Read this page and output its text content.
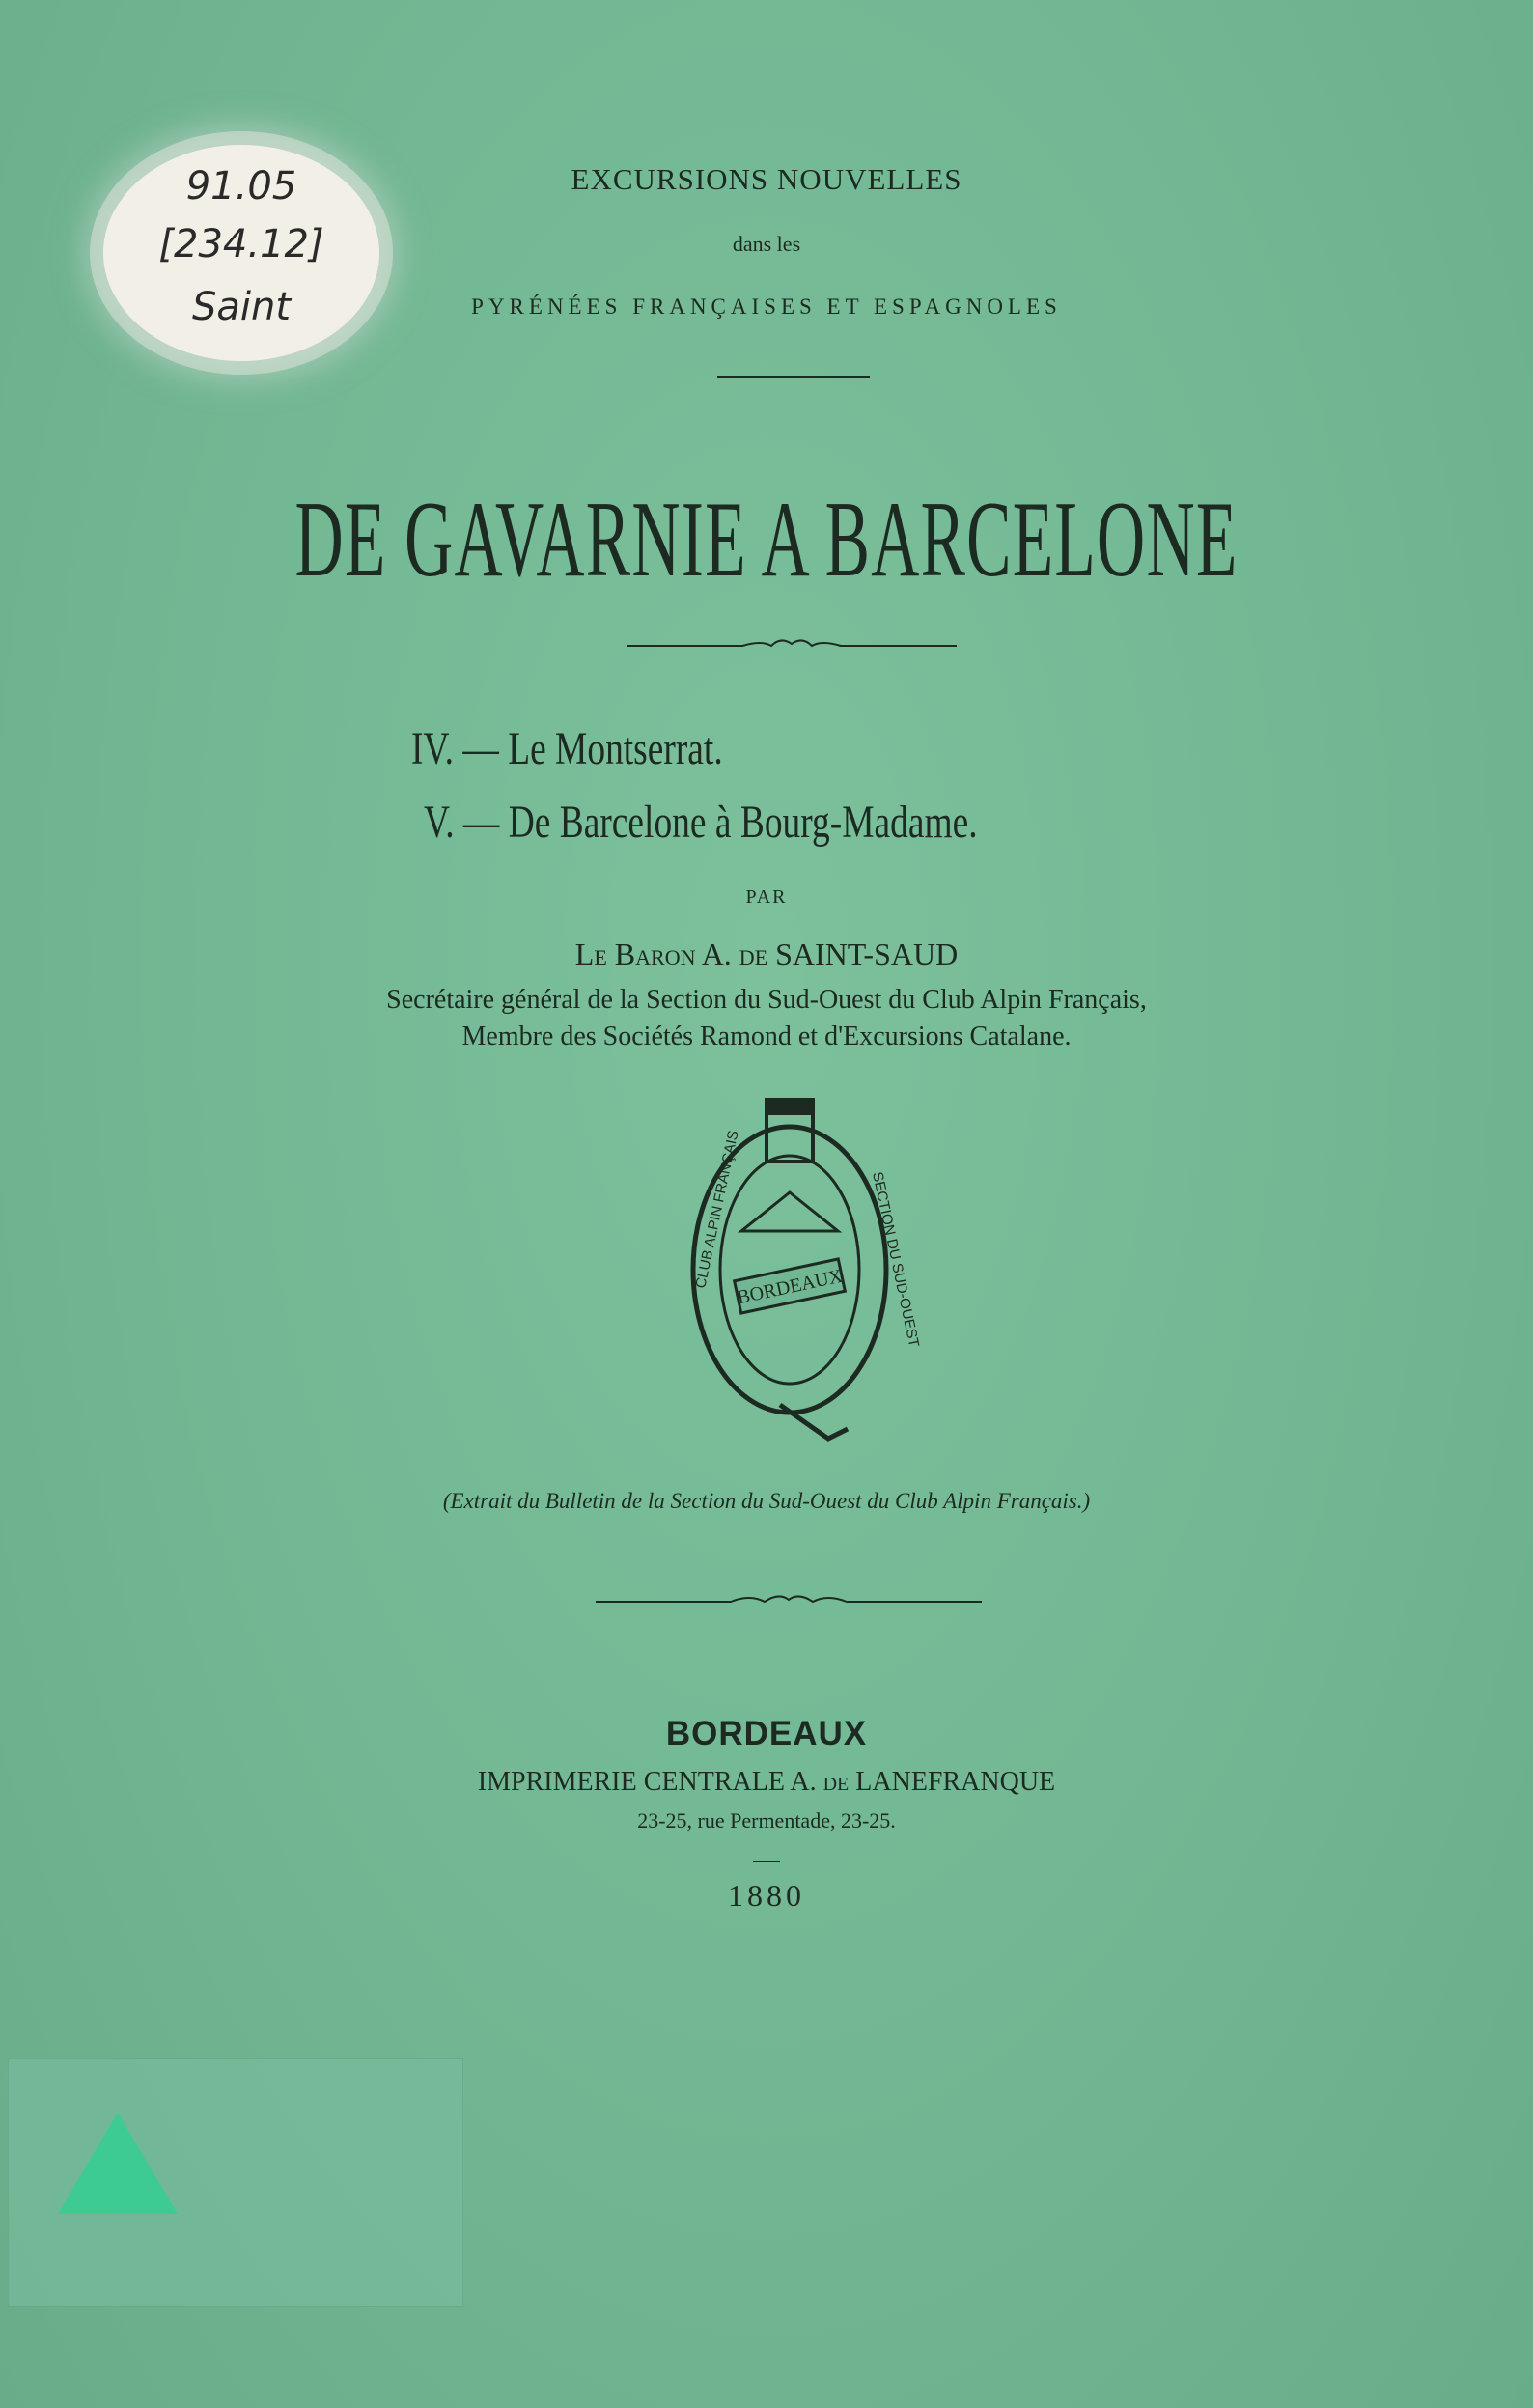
91.05
[234.12]
Saint
EXCURSIONS NOUVELLES
dans les
PYRÉNÉES FRANÇAISES ET ESPAGNOLES
DE GAVARNIE A BARCELONE
IV. — Le Montserrat.
V. — De Barcelone à Bourg-Madame.
PAR
Le Baron A. de SAINT-SAUD
Secrétaire général de la Section du Sud-Ouest du Club Alpin Français,
Membre des Sociétés Ramond et d'Excursions Catalane.
BORDEAUX
CLUB ALPIN FRANÇAIS	SECTION DU SUD-OUEST
(Extrait du Bulletin de la Section du Sud-Ouest du Club Alpin Français.)
BORDEAUX
IMPRIMERIE CENTRALE A. de LANEFRANQUE
23-25, rue Permentade, 23-25.
1880
